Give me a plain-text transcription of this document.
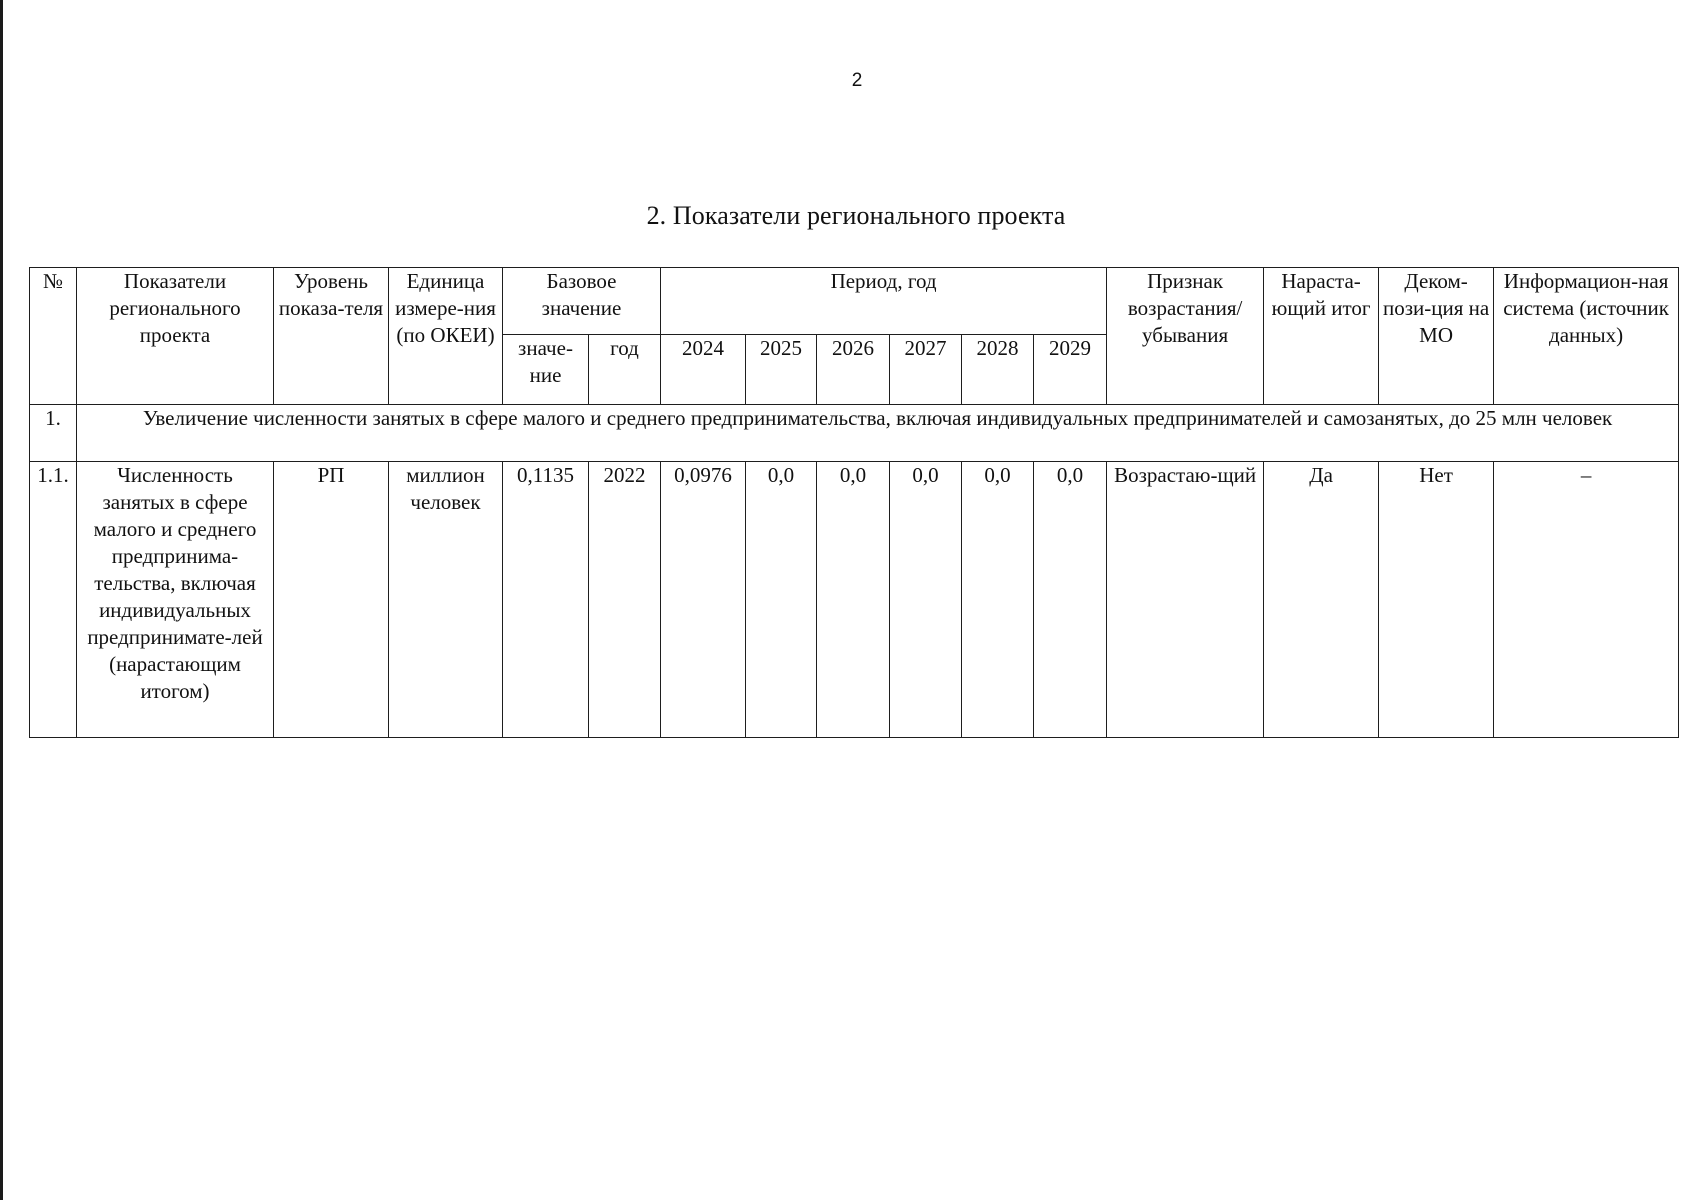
2
2. Показатели регионального проекта
№	Показатели регионального проекта	Уровень показа-теля	Единица измере-ния (по ОКЕИ)	Базовое значение		Период, год						Признак возрастания/ убывания	Нараста-ющий итог	Деком-пози-ция на МО	Информацион-ная система (источник данных)
				значе-ние	год	2024	2025	2026	2027	2028	2029				
1.	Увеличение численности занятых в сфере малого и среднего предпринимательства, включая индивидуальных предпринимателей и самозанятых, до 25 млн человек														
1.1.	Численность занятых в сфере малого и среднего предпринима-тельства, включая индивидуальных предпринимате-лей (нарастающим итогом)	РП	миллион человек	0,1135	2022	0,0976	0,0	0,0	0,0	0,0	0,0	Возрастаю-щий	Да	Нет	–
